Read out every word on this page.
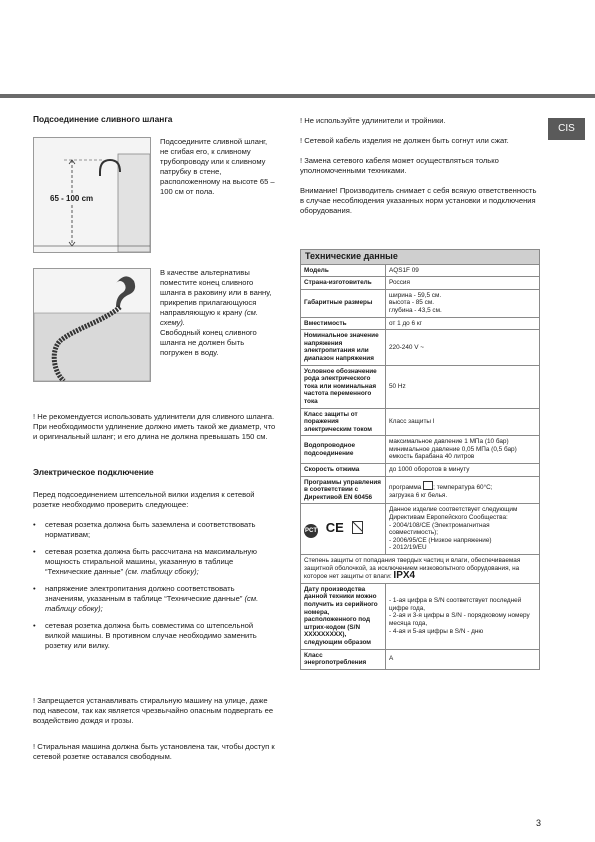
CIS
Подсоединение сливного шланга
65 - 100 cm
Подсоедините сливной шланг, не сгибая его, к сливному трубопроводу или к сливному патрубку в стене, расположенному на высоте 65 – 100 см от пола.
В качестве альтернативы поместите конец сливного шланга в раковину или в ванну, прикрепив прилагающуюся направляющую к крану (см. схему).
Свободный конец сливного шланга не должен быть погружен в воду.
! Не рекомендуется использовать удлинители для сливного шланга. При необходимости удлинение должно иметь такой же диаметр, что и оригинальный шланг; и его длина не должна превышать 150 см.
Электрическое подключение
Перед подсоединением штепсельной вилки изделия к сетевой розетке необходимо проверить следующее:
• сетевая розетка должна быть заземлена и соответствовать нормативам;
• сетевая розетка должна быть рассчитана на максимальную мощность стиральной машины, указанную в таблице “Технические данные” (см. таблицу сбоку);
• напряжение электропитания должно соответствовать значениям, указанным в таблице “Технические данные” (см. таблицу сбоку);
• сетевая розетка должна быть совместима со штепсельной вилкой машины. В противном случае необходимо заменить розетку или вилку.
! Запрещается устанавливать стиральную машину на улице, даже под навесом, так как является чрезвычайно опасным подвергать ее воздействию дождя и грозы.
! Стиральная машина должна быть установлена так, чтобы доступ к сетевой розетке оставался свободным.

! Не используйте удлинители и тройники.

! Сетевой кабель изделия не должен быть согнут или сжат.

! Замена сетевого кабеля может осуществляться только уполномоченными техниками.

Внимание! Производитель снимает с себя всякую ответственность в случае несоблюдения указанных норм установки и подключения оборудования.

Технические данные	
Модель	AQS1F 09
Страна-изготовитель	Россия
Габаритные размеры	ширина - 59,5 см.
высота - 85 см.
глубина - 43,5 см.
Вместимость	от 1 до 6 кг
Номинальное значение напряжения электропитания или диапазон напряжения	220-240 V ~
Условное обозначение рода электрического тока или номинальная частота переменного тока	50 Hz
Класс защиты от поражения электрическим током	Класс защиты I
Водопроводное подсоединение	максимальное давление 1 МПа (10 бар)
минимальное давление 0,05 МПа (0,5 бар)
емкость барабана 40 литров
Скорость отжима	до 1000 оборотов в минуту
Программы управления в соответствии с Директивой EN 60456	программа ; температура 60°C;
загрузка 6 кг белья.
PCT CE	Данное изделие соответствует следующим Директивам Европейского Сообщества:
- 2004/108/CE (Электромагнитная совместимость);
- 2006/95/CE (Низкое напряжение)
- 2012/19/EU
Степень защиты от попадания твердых частиц и влаги, обеспечиваемая защитной оболочкой, за исключением низковольтного оборудования, на которое нет защиты от влаги: IPX4	
Дату производства данной техники можно получить из серийного номера, расположенного под штрих-кодом (S/N XXXXXXXXX), следующим образом	- 1-ая цифра в S/N соответствует последней цифре года,
- 2-ая и 3-я цифры в S/N - порядковому номеру месяца года,
- 4-ая и 5-ая цифры в S/N - дню
Класс энергопотребления	A
3
